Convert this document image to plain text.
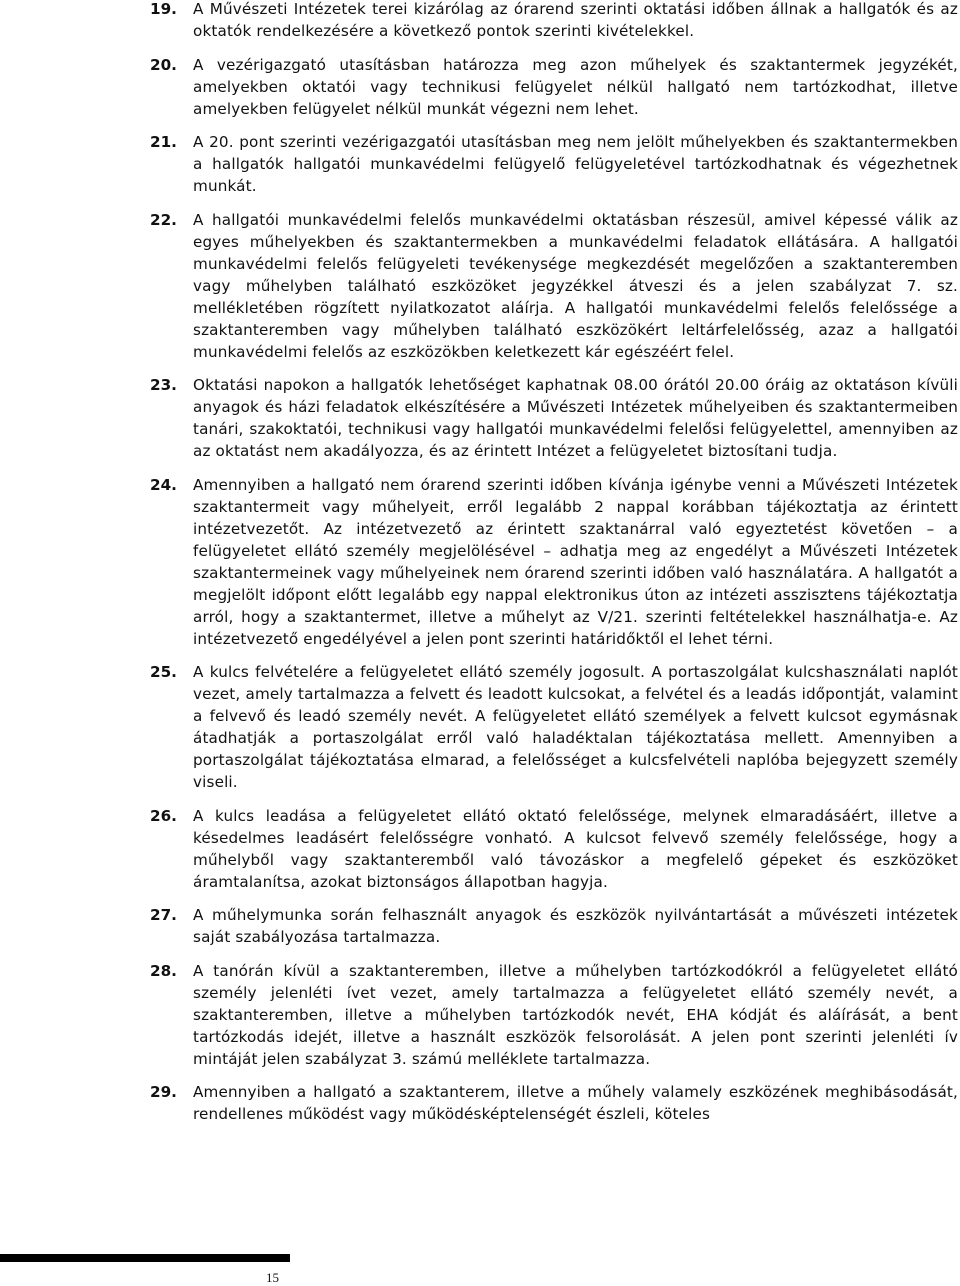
19.	A Művészeti Intézetek terei kizárólag az órarend szerinti oktatási időben állnak a hallgatók és az oktatók rendelkezésére a következő pontok szerinti kivételekkel.
20.	A vezérigazgató utasításban határozza meg azon műhelyek és szaktantermek jegyzékét, amelyekben oktatói vagy technikusi felügyelet nélkül hallgató nem tartózkodhat, illetve amelyekben felügyelet nélkül munkát végezni nem lehet.
21.	A 20. pont szerinti vezérigazgatói utasításban meg nem jelölt műhelyekben és szaktantermekben a hallgatók hallgatói munkavédelmi felügyelő felügyeletével tartózkodhatnak és végezhetnek munkát.
22.	A hallgatói munkavédelmi felelős munkavédelmi oktatásban részesül, amivel képessé válik az egyes műhelyekben és szaktantermekben a munkavédelmi feladatok ellátására. A hallgatói munkavédelmi felelős felügyeleti tevékenysége megkezdését megelőzően a szaktanteremben vagy műhelyben található eszközöket jegyzékkel átveszi és a jelen szabályzat 7. sz. mellékletében rögzített nyilatkozatot aláírja. A hallgatói munkavédelmi felelős felelőssége a szaktanteremben vagy műhelyben található eszközökért leltárfelelősség, azaz a hallgatói munkavédelmi felelős az eszközökben keletkezett kár egészéért felel.
23.	Oktatási napokon a hallgatók lehetőséget kaphatnak 08.00 órától 20.00 óráig az oktatáson kívüli anyagok és házi feladatok elkészítésére a Művészeti Intézetek műhelyeiben és szaktantermeiben tanári, szakoktatói, technikusi vagy hallgatói munkavédelmi felelősi felügyelettel, amennyiben az az oktatást nem akadályozza, és az érintett Intézet a felügyeletet biztosítani tudja.
24.	Amennyiben a hallgató nem órarend szerinti időben kívánja igénybe venni a Művészeti Intézetek szaktantermeit vagy műhelyeit, erről legalább 2 nappal korábban tájékoztatja az érintett intézetvezetőt. Az intézetvezető az érintett szaktanárral való egyeztetést követően – a felügyeletet ellátó személy megjelölésével – adhatja meg az engedélyt a Művészeti Intézetek szaktantermeinek vagy műhelyeinek nem órarend szerinti időben való használatára. A hallgatót a megjelölt időpont előtt legalább egy nappal elektronikus úton az intézeti asszisztens tájékoztatja arról, hogy a szaktantermet, illetve a műhelyt az V/21. szerinti feltételekkel használhatja-e. Az intézetvezető engedélyével a jelen pont szerinti határidőktől el lehet térni.
25.	A kulcs felvételére a felügyeletet ellátó személy jogosult. A portaszolgálat kulcshasználati naplót vezet, amely tartalmazza a felvett és leadott kulcsokat, a felvétel és a leadás időpontját, valamint a felvevő és leadó személy nevét. A felügyeletet ellátó személyek a felvett kulcsot egymásnak átadhatják a portaszolgálat erről való haladéktalan tájékoztatása mellett. Amennyiben a portaszolgálat tájékoztatása elmarad, a felelősséget a kulcsfelvételi naplóba bejegyzett személy viseli.
26.	A kulcs leadása a felügyeletet ellátó oktató felelőssége, melynek elmaradásáért, illetve a késedelmes leadásért felelősségre vonható. A kulcsot felvevő személy felelőssége, hogy a műhelyből vagy szaktanteremből való távozáskor a megfelelő gépeket és eszközöket áramtalanítsa, azokat biztonságos állapotban hagyja.
27.	A műhelymunka során felhasznált anyagok és eszközök nyilvántartását a művészeti intézetek saját szabályozása tartalmazza.
28.	A tanórán kívül a szaktanteremben, illetve a műhelyben tartózkodókról a felügyeletet ellátó személy jelenléti ívet vezet, amely tartalmazza a felügyeletet ellátó személy nevét, a szaktanteremben, illetve a műhelyben tartózkodók nevét, EHA kódját és aláírását, a bent tartózkodás idejét, illetve a használt eszközök felsorolását. A jelen pont szerinti jelenléti ív mintáját jelen szabályzat 3. számú melléklete tartalmazza.
29.	Amennyiben a hallgató a szaktanterem, illetve a műhely valamely eszközének meghibásodását, rendellenes működést vagy működésképtelenségét észleli, köteles
15
